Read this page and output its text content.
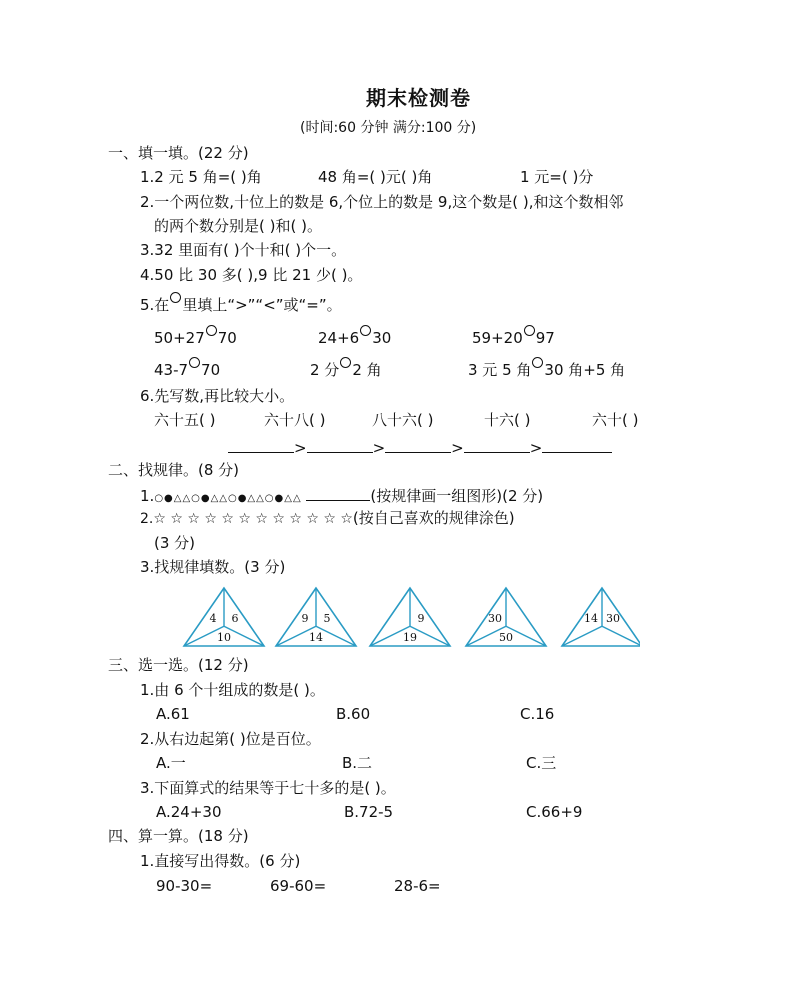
期末检测卷
(时间:60 分钟 满分:100 分)
一、填一填。(22 分)
1.2 元 5 角=( )角	48 角=( )元( )角	1 元=( )分
2.一个两位数,十位上的数是 6,个位上的数是 9,这个数是( ),和这个数相邻
的两个数分别是( )和( )。
3.32 里面有( )个十和( )个一。
4.50 比 30 多( ),9 比 21 少( )。
5.在 里填上“>”“<”或“=”。
50+27 70	24+6 30	59+20 97
43-7 70	2 分 2 角	3 元 5 角 30 角+5 角
6.先写数,再比较大小。
六十五( )	六十八( )	八十六( )	十六( )	六十( )
>	>	>	>
二、找规律。(8 分)
1.○●△△○●△△○●△△○●△△	(按规律画一组图形)(2 分)
2.☆ ☆ ☆ ☆ ☆ ☆ ☆ ☆ ☆ ☆ ☆ ☆(按自己喜欢的规律涂色)
(3 分)
3.找规律填数。(3 分)
4 6
10
9 5
14
9
19
30
50
14 30
三、选一选。(12 分)
1.由 6 个十组成的数是( )。
A.61	B.60	C.16
2.从右边起第( )位是百位。
A.一	B.二	C.三
3.下面算式的结果等于七十多的是( )。
A.24+30	B.72-5	C.66+9
四、算一算。(18 分)
1.直接写出得数。(6 分)
90-30=	69-60=	28-6=
